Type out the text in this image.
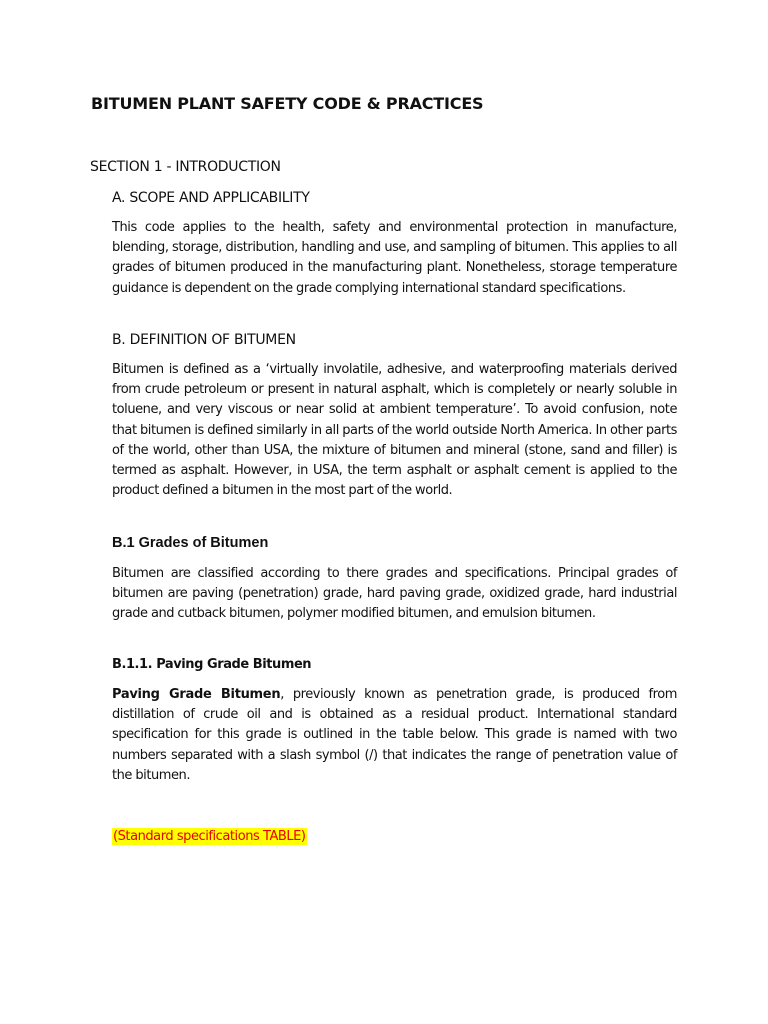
BITUMEN PLANT SAFETY CODE & PRACTICES
SECTION 1 - INTRODUCTION
A. SCOPE AND APPLICABILITY

This code applies to the health, safety and environmental protection in manufacture, blending, storage, distribution, handling and use, and sampling of bitumen. This applies to all grades of bitumen produced in the manufacturing plant. Nonetheless, storage temperature guidance is dependent on the grade complying international standard specifications.

B. DEFINITION OF BITUMEN

Bitumen is defined as a ‘virtually involatile, adhesive, and waterproofing materials derived from crude petroleum or present in natural asphalt, which is completely or nearly soluble in toluene, and very viscous or near solid at ambient temperature’. To avoid confusion, note that bitumen is defined similarly in all parts of the world outside North America. In other parts of the world, other than USA, the mixture of bitumen and mineral (stone, sand and filler) is termed as asphalt. However, in USA, the term asphalt or asphalt cement is applied to the product defined a bitumen in the most part of the world.

B.1 Grades of Bitumen

Bitumen are classified according to there grades and specifications. Principal grades of bitumen are paving (penetration) grade, hard paving grade, oxidized grade, hard industrial grade and cutback bitumen, polymer modified bitumen, and emulsion bitumen.

B.1.1. Paving Grade Bitumen

Paving Grade Bitumen, previously known as penetration grade, is produced from distillation of crude oil and is obtained as a residual product. International standard specification for this grade is outlined in the table below. This grade is named with two numbers separated with a slash symbol (/) that indicates the range of penetration value of the bitumen.

(Standard specifications TABLE)
